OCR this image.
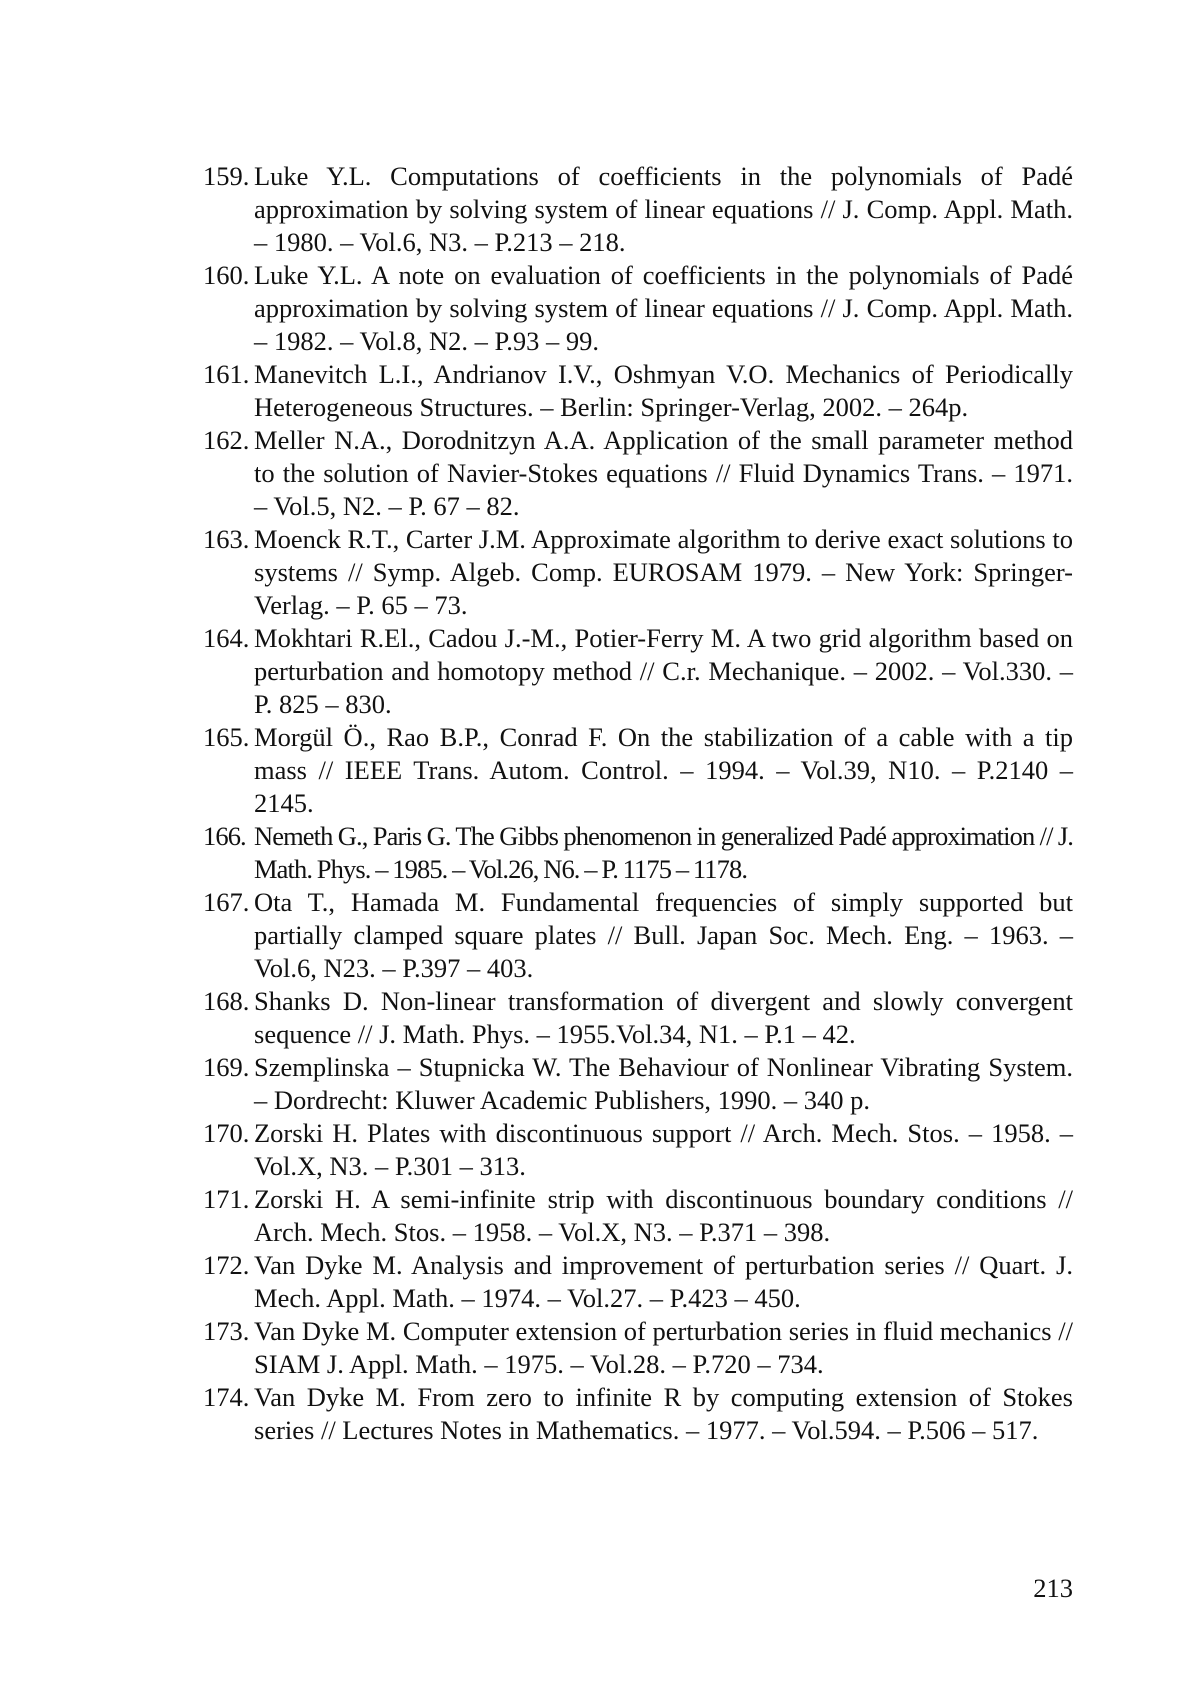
159. Luke Y.L. Computations of coefficients in the polynomials of Padé approximation by solving system of linear equations // J. Comp. Appl. Math. – 1980. – Vol.6, N3. – P.213 – 218.
160. Luke Y.L. A note on evaluation of coefficients in the polynomials of Padé approximation by solving system of linear equations // J. Comp. Appl. Math. – 1982. – Vol.8, N2. – P.93 – 99.
161. Manevitch L.I., Andrianov I.V., Oshmyan V.O. Mechanics of Periodically Heterogeneous Structures. – Berlin: Springer-Verlag, 2002. – 264p.
162. Meller N.A., Dorodnitzyn A.A. Application of the small parameter method to the solution of Navier-Stokes equations // Fluid Dynamics Trans. – 1971. – Vol.5, N2. – P. 67 – 82.
163. Moenck R.T., Carter J.M. Approximate algorithm to derive exact solutions to systems // Symp. Algeb. Comp. EUROSAM 1979. – New York: Springer-Verlag. – P. 65 – 73.
164. Mokhtari R.El., Cadou J.-M., Potier-Ferry M. A two grid algorithm based on perturbation and homotopy method // C.r. Mechanique. – 2002. – Vol.330. – P. 825 – 830.
165. Morgül Ö., Rao B.P., Conrad F. On the stabilization of a cable with a tip mass // IEEE Trans. Autom. Control. – 1994. – Vol.39, N10. – P.2140 – 2145.
166. Nemeth G., Paris G. The Gibbs phenomenon in generalized Padé approximation // J. Math. Phys. – 1985. – Vol.26, N6. – P. 1175 – 1178.
167. Ota T., Hamada M. Fundamental frequencies of simply supported but partially clamped square plates // Bull. Japan Soc. Mech. Eng. – 1963. – Vol.6, N23. – P.397 – 403.
168. Shanks D. Non-linear transformation of divergent and slowly convergent sequence // J. Math. Phys. – 1955.Vol.34, N1. – P.1 – 42.
169. Szemplinska – Stupnicka W. The Behaviour of Nonlinear Vibrating System. – Dordrecht: Kluwer Academic Publishers, 1990. – 340 p.
170. Zorski H. Plates with discontinuous support // Arch. Mech. Stos. – 1958. – Vol.X, N3. – P.301 – 313.
171. Zorski H. A semi-infinite strip with discontinuous boundary conditions // Arch. Mech. Stos. – 1958. – Vol.X, N3. – P.371 – 398.
172. Van Dyke M. Analysis and improvement of perturbation series // Quart. J. Mech. Appl. Math. – 1974. – Vol.27. – P.423 – 450.
173. Van Dyke M. Computer extension of perturbation series in fluid mechanics // SIAM J. Appl. Math. – 1975. – Vol.28. – P.720 – 734.
174. Van Dyke M. From zero to infinite R by computing extension of Stokes series // Lectures Notes in Mathematics. – 1977. – Vol.594. – P.506 – 517.
213
